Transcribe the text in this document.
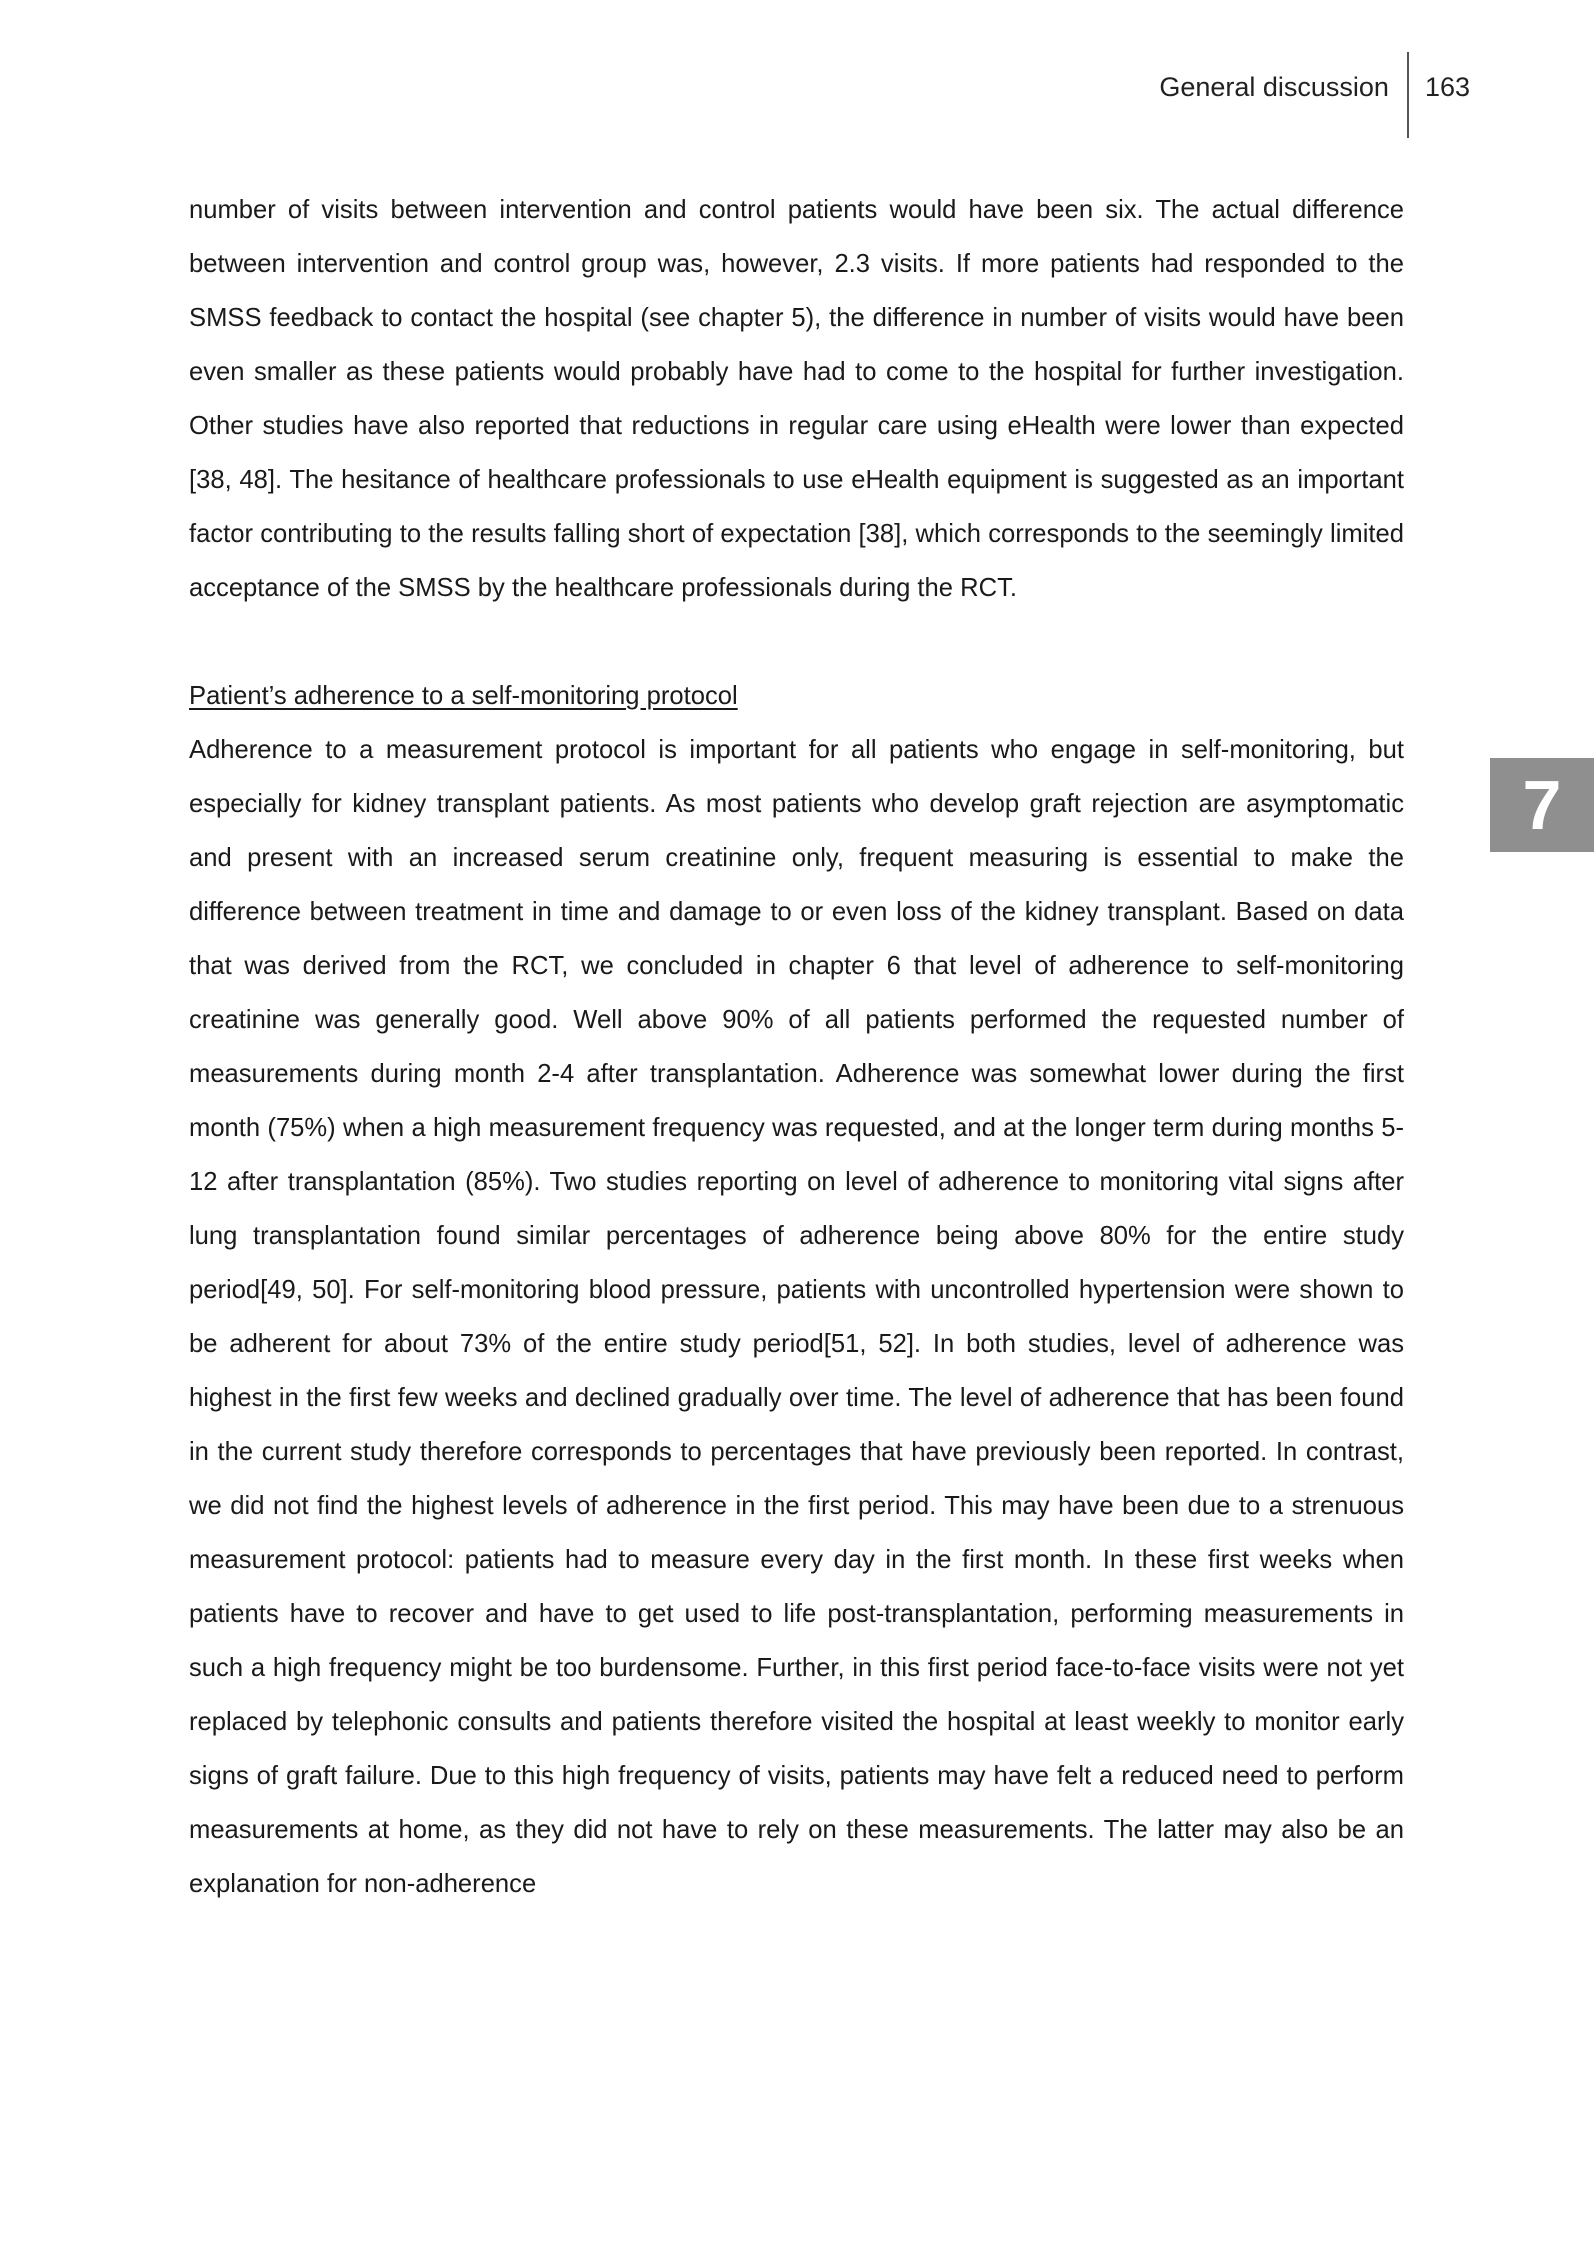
General discussion	163
7

number of visits between intervention and control patients would have been six. The actual difference between intervention and control group was, however, 2.3 visits. If more patients had responded to the SMSS feedback to contact the hospital (see chapter 5), the difference in number of visits would have been even smaller as these patients would probably have had to come to the hospital for further investigation. Other studies have also reported that reductions in regular care using eHealth were lower than expected [38, 48]. The hesitance of healthcare professionals to use eHealth equipment is suggested as an important factor contributing to the results falling short of expectation [38], which corresponds to the seemingly limited acceptance of the SMSS by the healthcare professionals during the RCT.

Patient’s adherence to a self-monitoring protocol

Adherence to a measurement protocol is important for all patients who engage in self-monitoring, but especially for kidney transplant patients. As most patients who develop graft rejection are asymptomatic and present with an increased serum creatinine only, frequent measuring is essential to make the difference between treatment in time and damage to or even loss of the kidney transplant. Based on data that was derived from the RCT, we concluded in chapter 6 that level of adherence to self-monitoring creatinine was generally good. Well above 90% of all patients performed the requested number of measurements during month 2-4 after transplantation. Adherence was somewhat lower during the first month (75%) when a high measurement frequency was requested, and at the longer term during months 5-12 after transplantation (85%). Two studies reporting on level of adherence to monitoring vital signs after lung transplantation found similar percentages of adherence being above 80% for the entire study period[49, 50]. For self-monitoring blood pressure, patients with uncontrolled hypertension were shown to be adherent for about 73% of the entire study period[51, 52]. In both studies, level of adherence was highest in the first few weeks and declined gradually over time. The level of adherence that has been found in the current study therefore corresponds to percentages that have previously been reported. In contrast, we did not find the highest levels of adherence in the first period. This may have been due to a strenuous measurement protocol: patients had to measure every day in the first month. In these first weeks when patients have to recover and have to get used to life post-transplantation, performing measurements in such a high frequency might be too burdensome. Further, in this first period face-to-face visits were not yet replaced by telephonic consults and patients therefore visited the hospital at least weekly to monitor early signs of graft failure. Due to this high frequency of visits, patients may have felt a reduced need to perform measurements at home, as they did not have to rely on these measurements. The latter may also be an explanation for non-adherence
